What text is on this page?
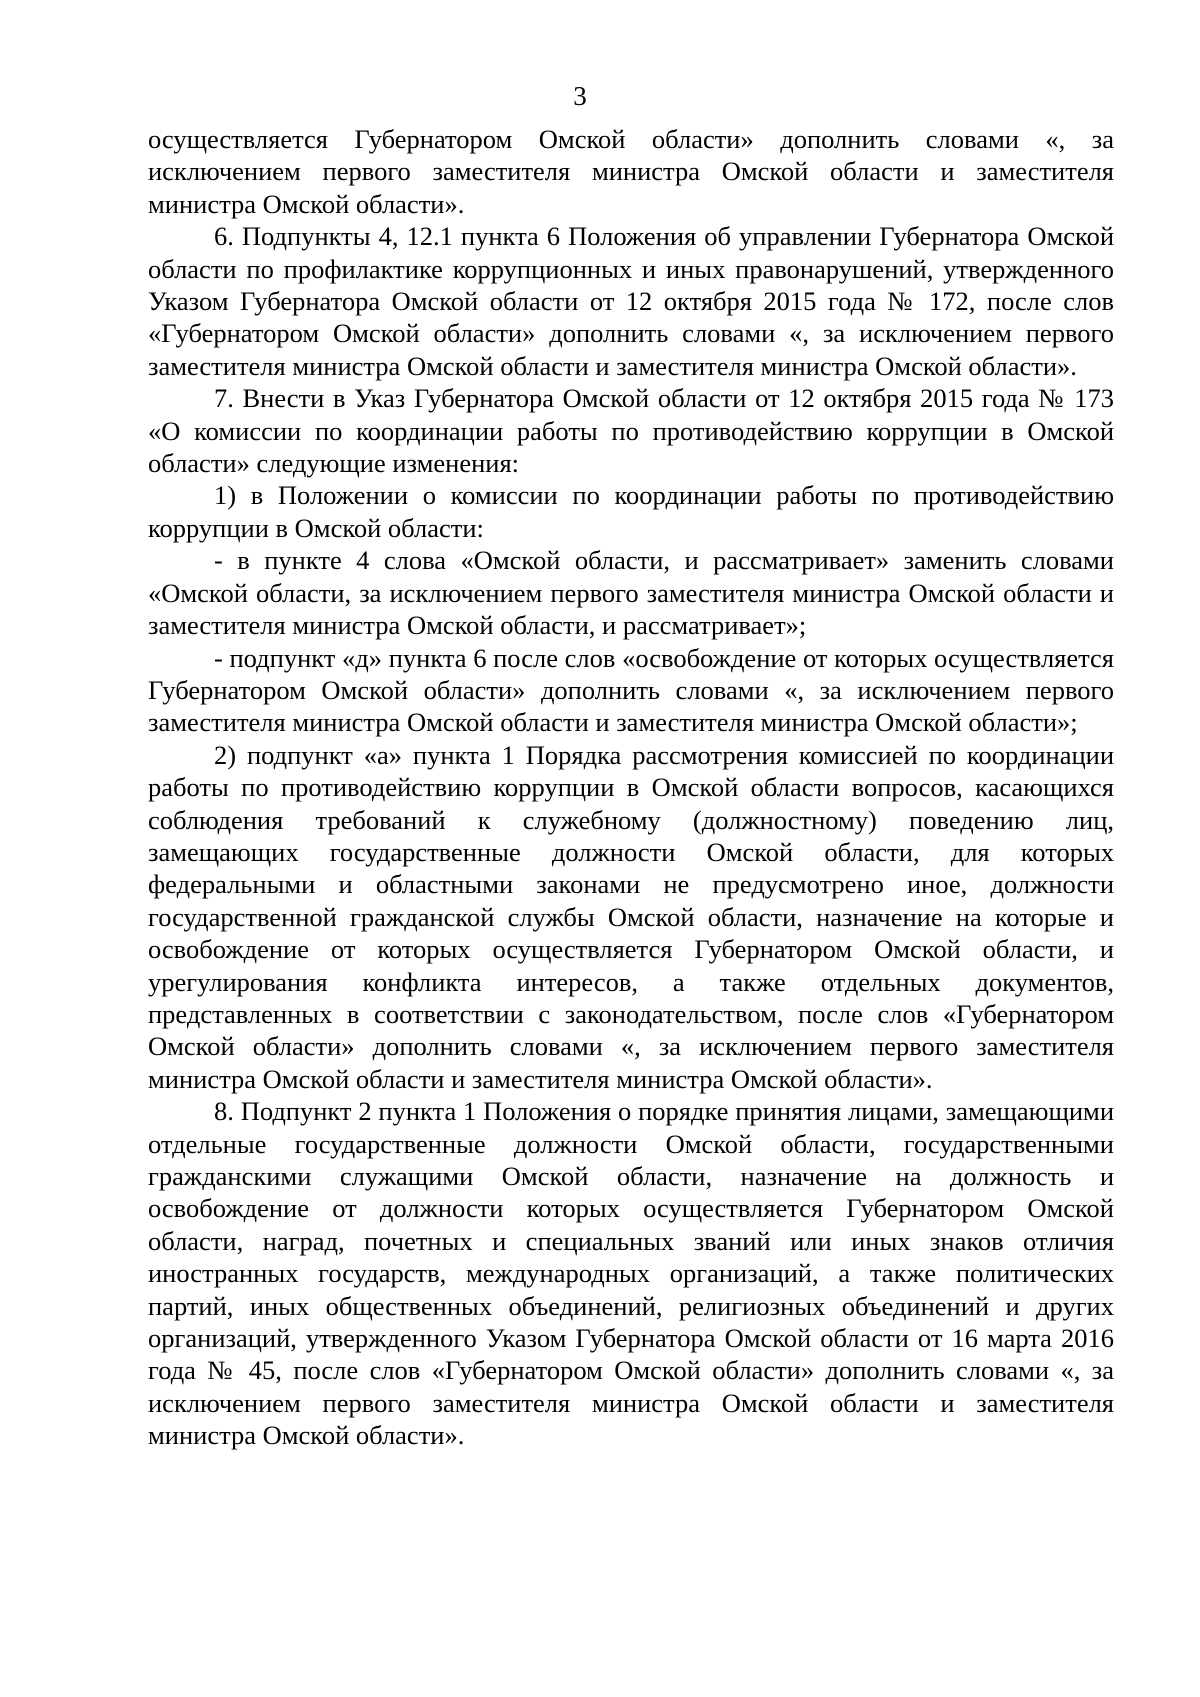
3

осуществляется Губернатором Омской области» дополнить словами «, за исключением первого заместителя министра Омской области и заместителя министра Омской области».

6. Подпункты 4, 12.1 пункта 6 Положения об управлении Губернатора Омской области по профилактике коррупционных и иных правонарушений, утвержденного Указом Губернатора Омской области от 12 октября 2015 года № 172, после слов «Губернатором Омской области» дополнить словами «, за исключением первого заместителя министра Омской области и заместителя министра Омской области».

7. Внести в Указ Губернатора Омской области от 12 октября 2015 года № 173 «О комиссии по координации работы по противодействию коррупции в Омской области» следующие изменения:

1) в Положении о комиссии по координации работы по противодействию коррупции в Омской области:

- в пункте 4 слова «Омской области, и рассматривает» заменить словами «Омской области, за исключением первого заместителя министра Омской области и заместителя министра Омской области, и рассматривает»;

- подпункт «д» пункта 6 после слов «освобождение от которых осуществляется Губернатором Омской области» дополнить словами «, за исключением первого заместителя министра Омской области и заместителя министра Омской области»;

2) подпункт «а» пункта 1 Порядка рассмотрения комиссией по координации работы по противодействию коррупции в Омской области вопросов, касающихся соблюдения требований к служебному (должностному) поведению лиц, замещающих государственные должности Омской области, для которых федеральными и областными законами не предусмотрено иное, должности государственной гражданской службы Омской области, назначение на которые и освобождение от которых осуществляется Губернатором Омской области, и урегулирования конфликта интересов, а также отдельных документов, представленных в соответствии с законодательством, после слов «Губернатором Омской области» дополнить словами «, за исключением первого заместителя министра Омской области и заместителя министра Омской области».

8. Подпункт 2 пункта 1 Положения о порядке принятия лицами, замещающими отдельные государственные должности Омской области, государственными гражданскими служащими Омской области, назначение на должность и освобождение от должности которых осуществляется Губернатором Омской области, наград, почетных и специальных званий или иных знаков отличия иностранных государств, международных организаций, а также политических партий, иных общественных объединений, религиозных объединений и других организаций, утвержденного Указом Губернатора Омской области от 16 марта 2016 года № 45, после слов «Губернатором Омской области» дополнить словами «, за исключением первого заместителя министра Омской области и заместителя министра Омской области».
